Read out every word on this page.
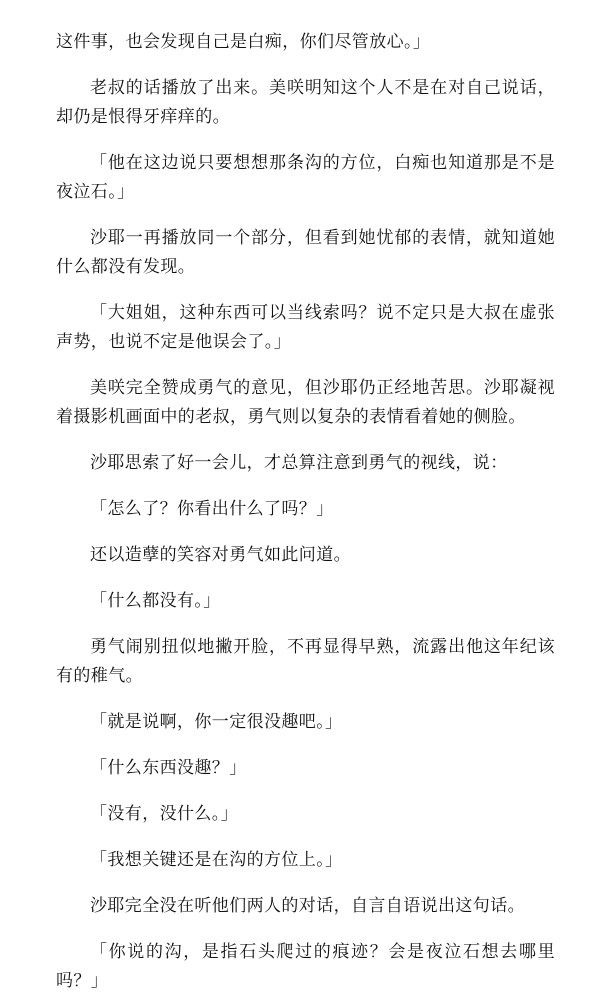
这件事，也会发现自己是白痴，你们尽管放心。」

老叔的话播放了出来。美咲明知这个人不是在对自己说话，却仍是恨得牙痒痒的。

「他在这边说只要想想那条沟的方位，白痴也知道那是不是夜泣石。」

沙耶一再播放同一个部分，但看到她忧郁的表情，就知道她什么都没有发现。

「大姐姐，这种东西可以当线索吗？说不定只是大叔在虚张声势，也说不定是他误会了。」

美咲完全赞成勇气的意见，但沙耶仍正经地苦思。沙耶凝视着摄影机画面中的老叔，勇气则以复杂的表情看着她的侧脸。

沙耶思索了好一会儿，才总算注意到勇气的视线，说：

「怎么了？你看出什么了吗？」

还以造孽的笑容对勇气如此问道。

「什么都没有。」

勇气闹别扭似地撇开脸，不再显得早熟，流露出他这年纪该有的稚气。

「就是说啊，你一定很没趣吧。」

「什么东西没趣？」

「没有，没什么。」

「我想关键还是在沟的方位上。」

沙耶完全没在听他们两人的对话，自言自语说出这句话。

「你说的沟，是指石头爬过的痕迹？会是夜泣石想去哪里吗？」
